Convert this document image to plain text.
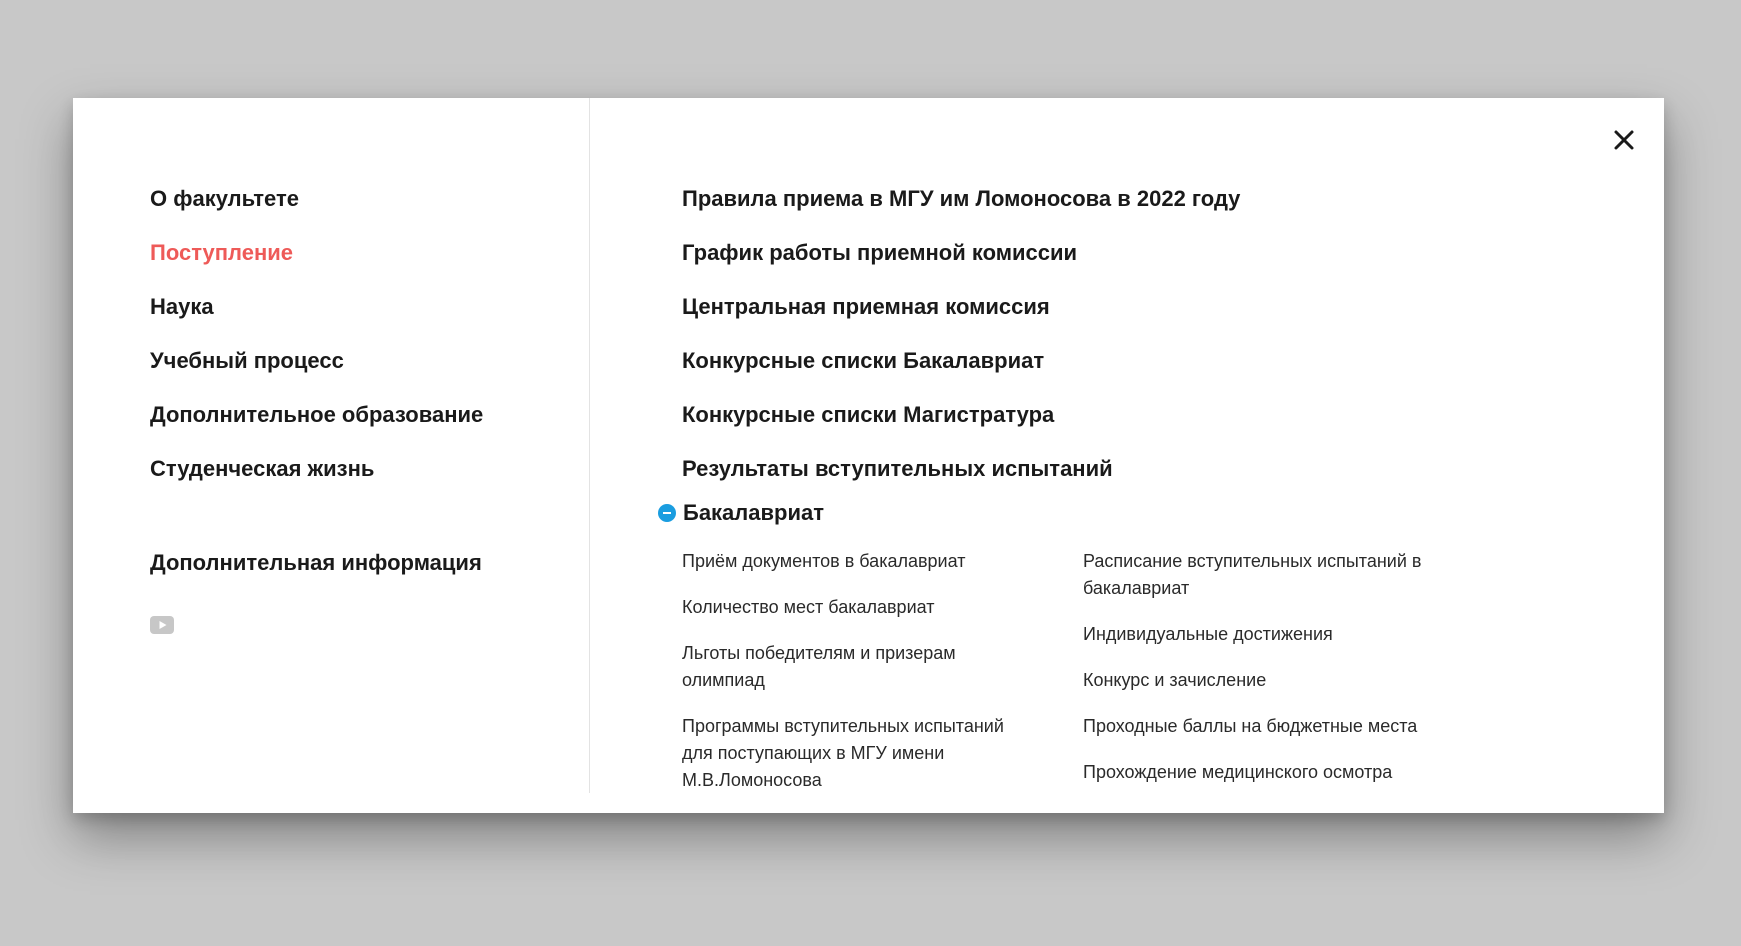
О факультете
Поступление
Наука
Учебный процесс
Дополнительное образование
Студенческая жизнь
Дополнительная информация
Правила приема в МГУ им Ломоносова в 2022 году
График работы приемной комиссии
Центральная приемная комиссия
Конкурсные списки Бакалавриат
Конкурсные списки Магистратура
Результаты вступительных испытаний
Бакалавриат
Приём документов в бакалавриат
Количество мест бакалавриат
Льготы победителям и призерам олимпиад
Программы вступительных испытаний для поступающих в МГУ имени М.В.Ломоносова
Расписание вступительных испытаний в бакалавриат
Индивидуальные достижения
Конкурс и зачисление
Проходные баллы на бюджетные места
Прохождение медицинского осмотра
